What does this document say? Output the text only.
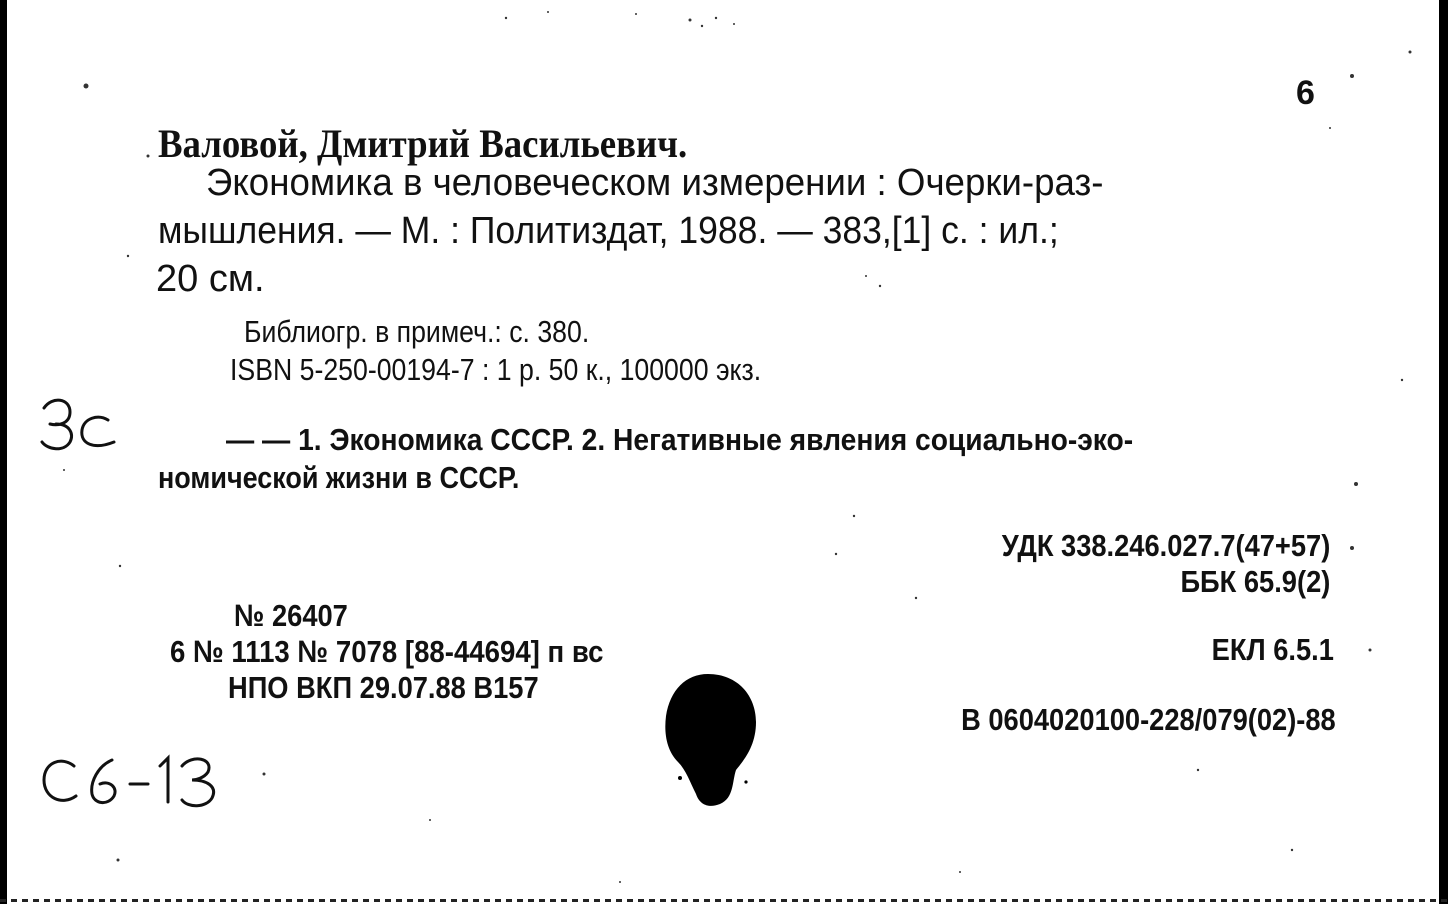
6
Валовой, Дмитрий Васильевич.
Экономика в человеческом измерении : Очерки-раз-
мышления. — М. : Политиздат, 1988. — 383,[1] с. : ил.;
20 см.
Библиогр. в примеч.: с. 380.
ISBN 5-250-00194-7 : 1 р. 50 к., 100000 экз.
— — 1. Экономика СССР. 2. Негативные явления социально-эко-
номической жизни в СССР.
УДК 338.246.027.7(47+57)
ББК 65.9(2)
ЕКЛ 6.5.1
В 0604020100-228/079(02)-88
№ 26407
6 № 1113 № 7078 [88-44694] п вс
НПО ВКП 29.07.88 В157
